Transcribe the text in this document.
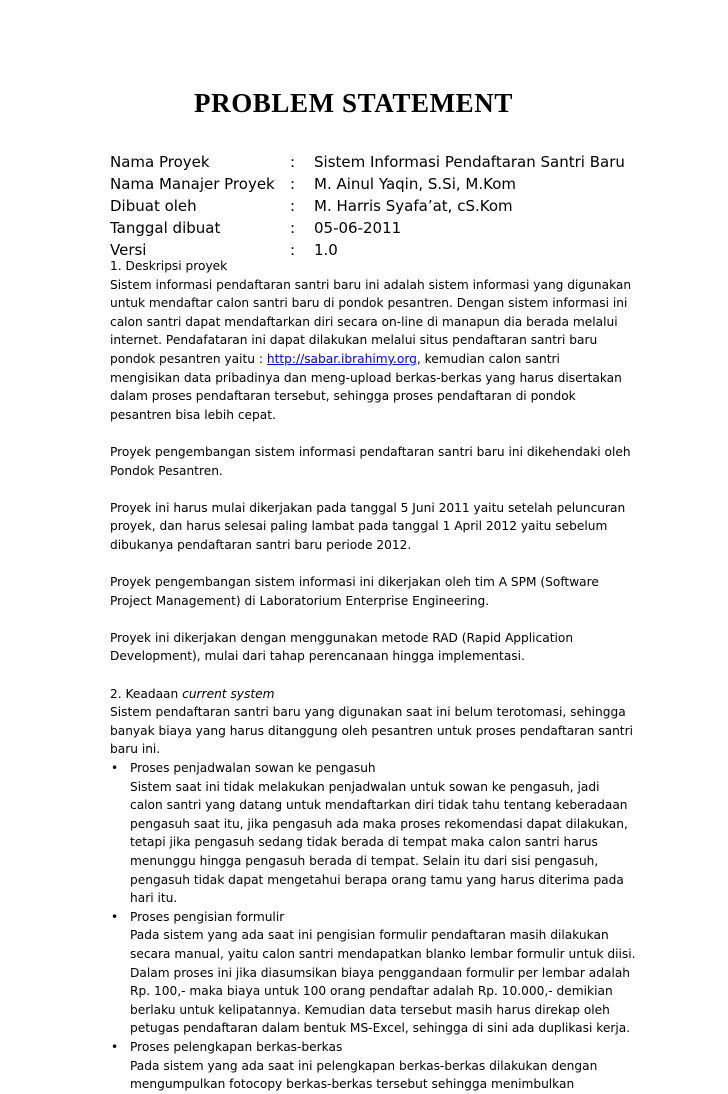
PROBLEM STATEMENT
Nama Proyek	:	Sistem Informasi Pendaftaran Santri Baru
Nama Manajer Proyek	:	M. Ainul Yaqin, S.Si, M.Kom
Dibuat oleh	:	M. Harris Syafa’at, cS.Kom
Tanggal dibuat	:	05-06-2011
Versi	:	1.0
1. Deskripsi proyek
Sistem informasi pendaftaran santri baru ini adalah sistem informasi yang digunakan
untuk mendaftar calon santri baru di pondok pesantren. Dengan sistem informasi ini
calon santri dapat mendaftarkan diri secara on-line di manapun dia berada melalui
internet. Pendafataran ini dapat dilakukan melalui situs pendaftaran santri baru
pondok pesantren yaitu : http://sabar.ibrahimy.org, kemudian calon santri
mengisikan data pribadinya dan meng-upload berkas-berkas yang harus disertakan
dalam proses pendaftaran tersebut, sehingga proses pendaftaran di pondok
pesantren bisa lebih cepat.
Proyek pengembangan sistem informasi pendaftaran santri baru ini dikehendaki oleh
Pondok Pesantren.
Proyek ini harus mulai dikerjakan pada tanggal 5 Juni 2011 yaitu setelah peluncuran
proyek, dan harus selesai paling lambat pada tanggal 1 April 2012 yaitu sebelum
dibukanya pendaftaran santri baru periode 2012.
Proyek pengembangan sistem informasi ini dikerjakan oleh tim A SPM (Software
Project Management) di Laboratorium Enterprise Engineering.
Proyek ini dikerjakan dengan menggunakan metode RAD (Rapid Application
Development), mulai dari tahap perencanaan hingga implementasi.
2. Keadaan current system
Sistem pendaftaran santri baru yang digunakan saat ini belum terotomasi, sehingga
banyak biaya yang harus ditanggung oleh pesantren untuk proses pendaftaran santri
baru ini.
• Proses penjadwalan sowan ke pengasuh
Sistem saat ini tidak melakukan penjadwalan untuk sowan ke pengasuh, jadi
calon santri yang datang untuk mendaftarkan diri tidak tahu tentang keberadaan
pengasuh saat itu, jika pengasuh ada maka proses rekomendasi dapat dilakukan,
tetapi jika pengasuh sedang tidak berada di tempat maka calon santri harus
menunggu hingga pengasuh berada di tempat. Selain itu dari sisi pengasuh,
pengasuh tidak dapat mengetahui berapa orang tamu yang harus diterima pada
hari itu.
• Proses pengisian formulir
Pada sistem yang ada saat ini pengisian formulir pendaftaran masih dilakukan
secara manual, yaitu calon santri mendapatkan blanko lembar formulir untuk diisi.
Dalam proses ini jika diasumsikan biaya penggandaan formulir per lembar adalah
Rp. 100,- maka biaya untuk 100 orang pendaftar adalah Rp. 10.000,- demikian
berlaku untuk kelipatannya. Kemudian data tersebut masih harus direkap oleh
petugas pendaftaran dalam bentuk MS-Excel, sehingga di sini ada duplikasi kerja.
• Proses pelengkapan berkas-berkas
Pada sistem yang ada saat ini pelengkapan berkas-berkas dilakukan dengan
mengumpulkan fotocopy berkas-berkas tersebut sehingga menimbulkan
